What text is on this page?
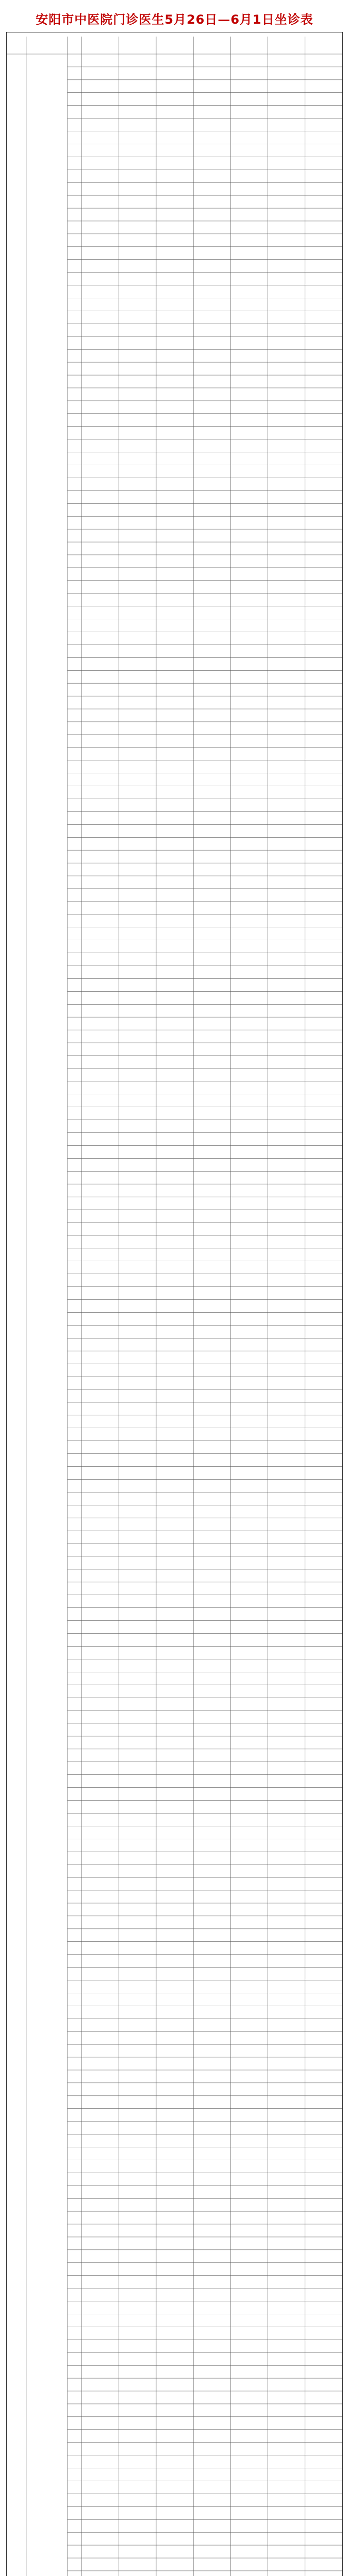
安阳市中医院门诊医生5月26日—6月1日坐诊表
